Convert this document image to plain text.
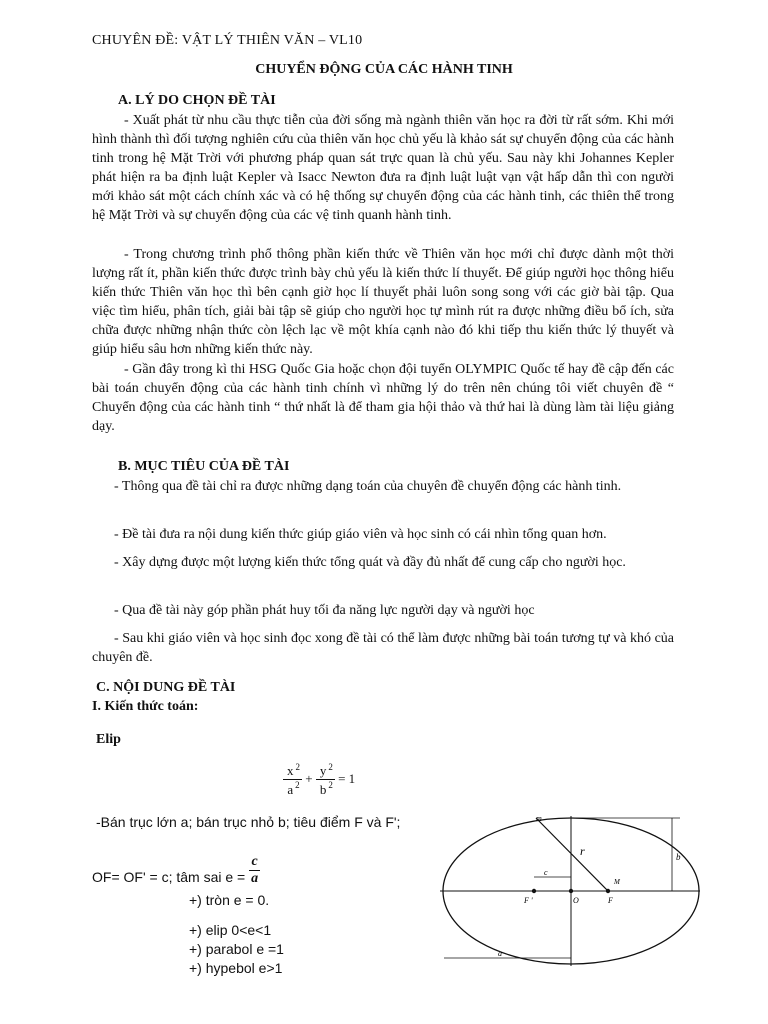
CHUYÊN ĐỀ: VẬT LÝ THIÊN VĂN – VL10
CHUYỂN ĐỘNG CỦA CÁC HÀNH TINH
A. LÝ DO CHỌN ĐỀ TÀI

- Xuất phát từ nhu cầu thực tiễn của đời sống mà ngành thiên văn học ra đời từ rất sớm. Khi mới hình thành thì đối tượng nghiên cứu của thiên văn học chủ yếu là khảo sát sự chuyển động của các hành tinh trong hệ Mặt Trời với phương pháp quan sát trực quan là chủ yếu. Sau này khi Johannes Kepler phát hiện ra ba định luật Kepler và Isacc Newton đưa ra định luật luật vạn vật hấp dẫn thì con người mới khảo sát một cách chính xác và có hệ thống sự chuyển động của các hành tinh, các thiên thể trong hệ Mặt Trời và sự chuyển động của các vệ tinh quanh hành tinh.

- Trong chương trình phổ thông phần kiến thức về Thiên văn học mới chỉ được dành một thời lượng rất ít, phần kiến thức được trình bày chủ yếu là kiến thức lí thuyết. Để giúp người học thông hiểu kiến thức Thiên văn học thì bên cạnh giờ học lí thuyết phải luôn song song với các giờ bài tập. Qua việc tìm hiểu, phân tích, giải bài tập sẽ giúp cho người học tự mình rút ra được những điều bổ ích, sửa chữa được những nhận thức còn lệch lạc về một khía cạnh nào đó khi tiếp thu kiến thức lý thuyết và giúp hiểu sâu hơn những kiến thức này.

- Gần đây trong kì thi HSG Quốc Gia hoặc chọn đội tuyển OLYMPIC Quốc tế hay đề cập đến các bài toán chuyển động của các hành tinh chính vì những lý do trên nên chúng tôi viết chuyên đề “ Chuyển động của các hành tinh “ thứ nhất là để tham gia hội thảo và thứ hai là dùng làm tài liệu giảng dạy.

B. MỤC TIÊU CỦA ĐỀ TÀI

- Thông qua đề tài chỉ ra được những dạng toán của chuyên đề chuyển động các hành tinh.

- Đề tài đưa ra nội dung kiến thức giúp giáo viên và học sinh có cái nhìn tổng quan hơn.

- Xây dựng được một lượng kiến thức tổng quát và đầy đủ nhất để cung cấp cho người học.

- Qua đề tài này góp phần phát huy tối đa năng lực người dạy và người học

- Sau khi giáo viên và học sinh đọc xong đề tài có thể làm được những bài toán tương tự và khó của chuyên đề.

C. NỘI DUNG ĐỀ TÀI
I. Kiến thức toán:
Elip
$\frac{x ^2}{a ^2} + \frac{y ^2}{b ^2} = 1$
-Bán trục lớn a; bán trục nhỏ b; tiêu điểm F và F';
OF= OF' = c; tâm sai $e = \frac{c}{a}$
+) tròn e = 0.
+) elip 0<e<1
+) parabol e =1
+) hypebol e>1
m
r	b
c
M
F '	O	F
a
